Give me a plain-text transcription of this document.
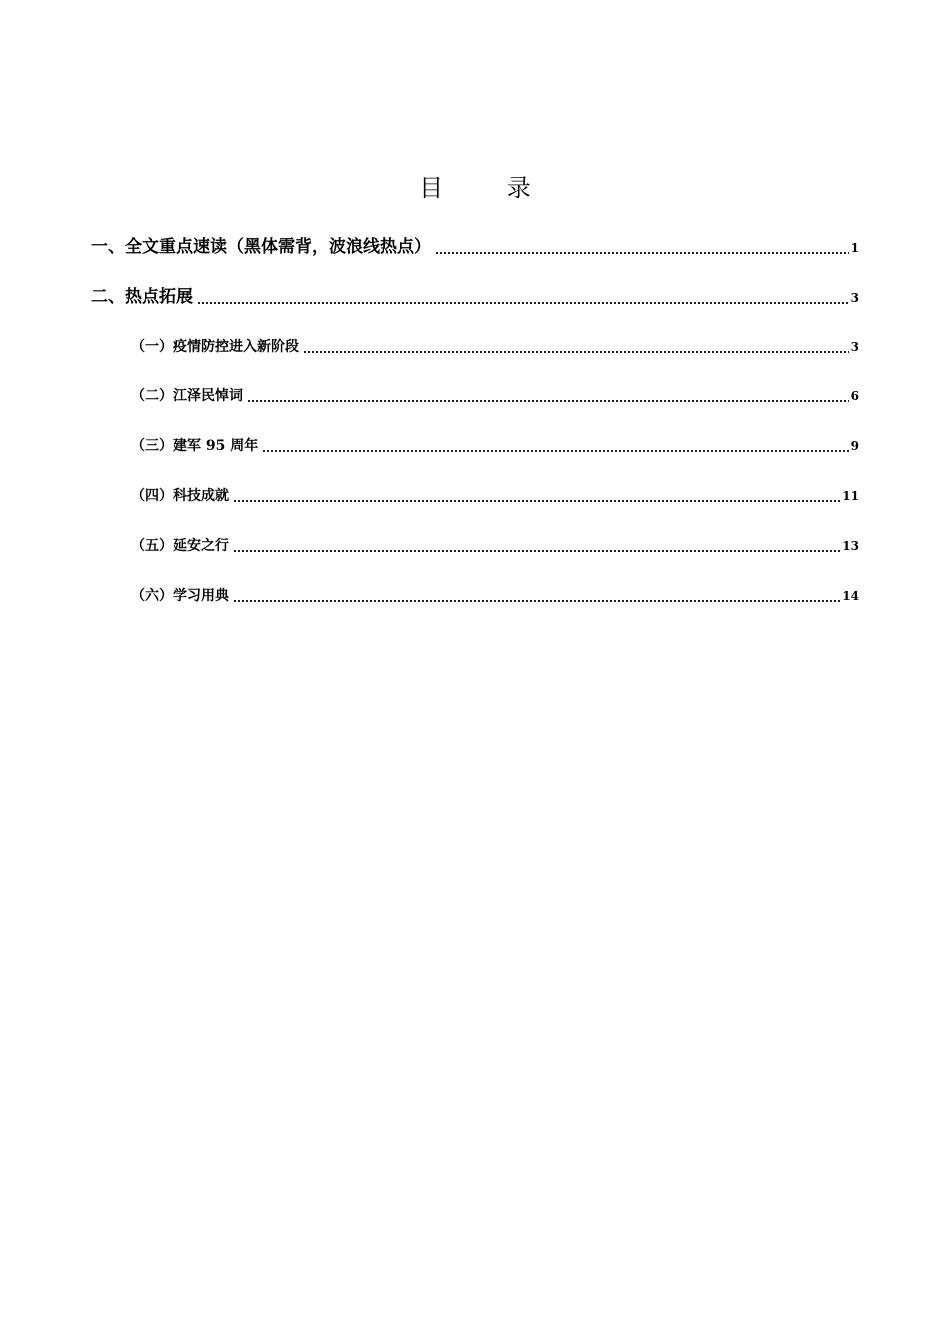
目 录
一、全文重点速读（黑体需背，波浪线热点）	1
二、热点拓展	3
（一）疫情防控进入新阶段	3
（二）江泽民悼词	6
（三）建军 95 周年	9
（四）科技成就	11
（五）延安之行	13
（六）学习用典	14
